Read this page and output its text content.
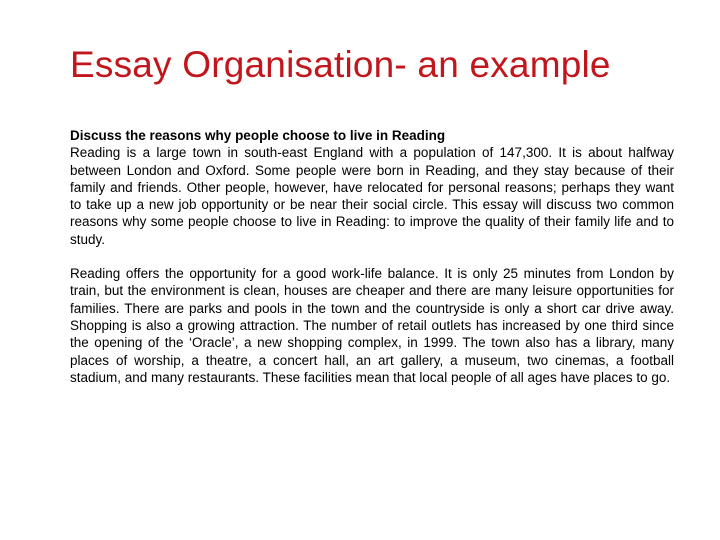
Essay Organisation- an example

Discuss the reasons why people choose to live in Reading

Reading is a large town in south-east England with a population of 147,300. It is about halfway between London and Oxford. Some people were born in Reading, and they stay because of their family and friends. Other people, however, have relocated for personal reasons; perhaps they want to take up a new job opportunity or be near their social circle. This essay will discuss two common reasons why some people choose to live in Reading: to improve the quality of their family life and to study.

Reading offers the opportunity for a good work-life balance. It is only 25 minutes from London by train, but the environment is clean, houses are cheaper and there are many leisure opportunities for families. There are parks and pools in the town and the countryside is only a short car drive away. Shopping is also a growing attraction. The number of retail outlets has increased by one third since the opening of the ‘Oracle’, a new shopping complex, in 1999. The town also has a library, many places of worship, a theatre, a concert hall, an art gallery, a museum, two cinemas, a football stadium, and many restaurants. These facilities mean that local people of all ages have places to go.
